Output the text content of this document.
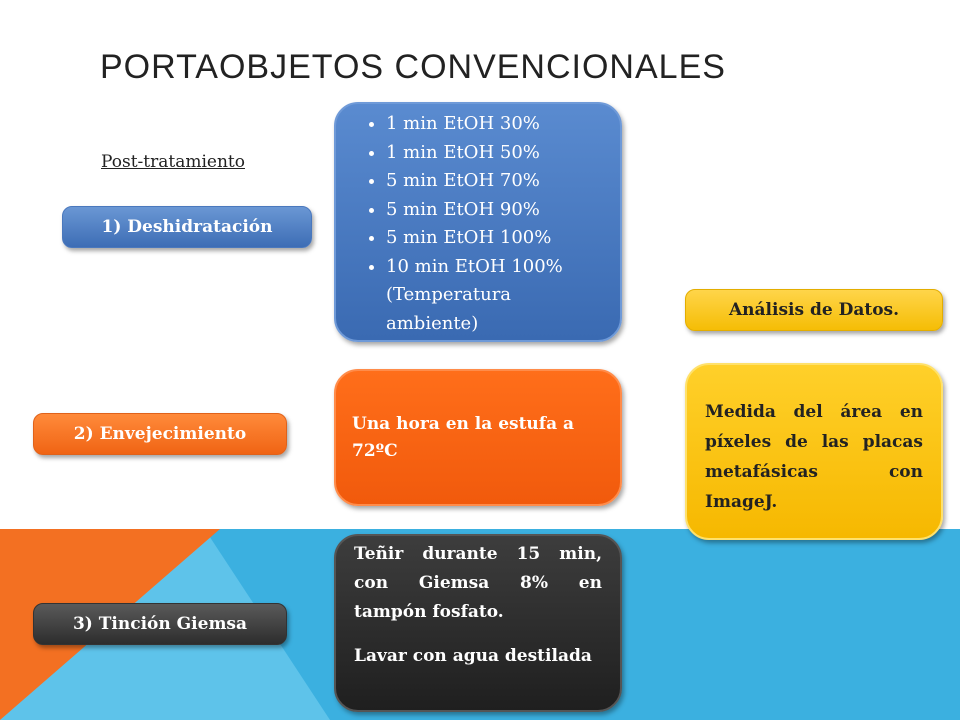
PORTAOBJETOS CONVENCIONALES
Post-tratamiento
1) Deshidratación
2) Envejecimiento
3) Tinción Giemsa
Análisis de Datos.
• 1 min EtOH 30%
• 1 min EtOH 50%
• 5 min EtOH 70%
• 5 min EtOH 90%
• 5 min EtOH 100%
• 10 min EtOH 100% (Temperatura ambiente)
Una hora en la estufa a 72ºC

Teñir durante 15 min, con Giemsa 8% en tampón fosfato.

Lavar con agua destilada

Medida del área en píxeles de las placas metafásicas con ImageJ.
